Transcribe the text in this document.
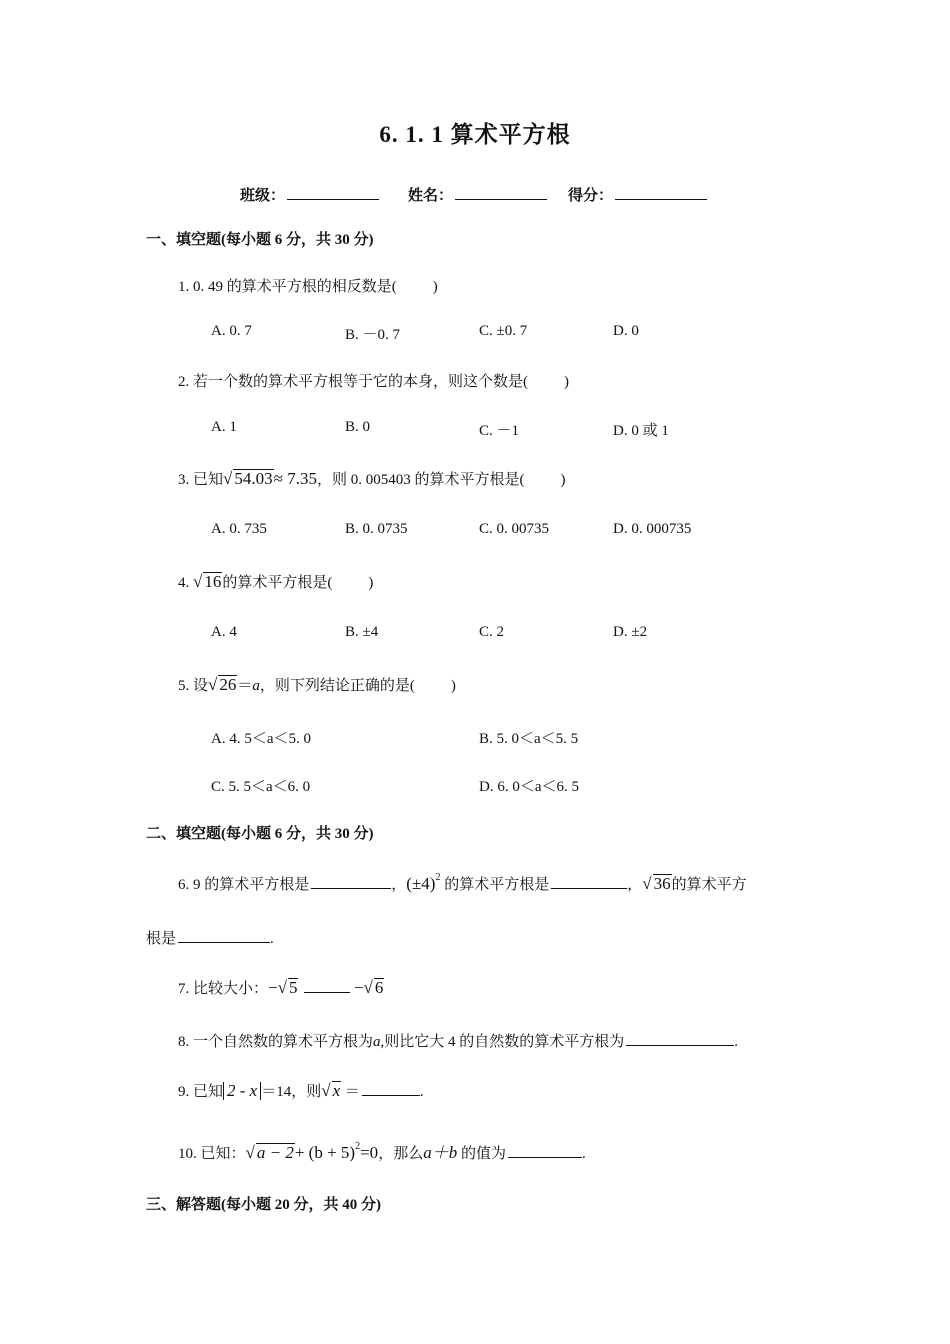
6. 1. 1 算术平方根
班级：	姓名：	得分：
一、填空题(每小题 6 分，共 30 分)
1. 0. 49 的算术平方根的相反数是( )
A. 0. 7	B. －0. 7	C. ±0. 7	D. 0
2. 若一个数的算术平方根等于它的本身，则这个数是( )
A. 1	B. 0	C. －1	D. 0 或 1
3. 已知√ 54.03≈ 7.35，则 0. 005403 的算术平方根是( )
A. 0. 735	B. 0. 0735	C. 0. 00735	D. 0. 000735
4. √ 16的算术平方根是( )
A. 4	B. ±4	C. 2	D. ±2
5. 设√ 26＝a，则下列结论正确的是( )
A. 4. 5＜a＜5. 0	B. 5. 0＜a＜5. 5
C. 5. 5＜a＜6. 0	D. 6. 0＜a＜6. 5
二、填空题(每小题 6 分，共 30 分)
6. 9 的算术平方根是	，$(\pm 4)^2$ 的算术平方根是	，√ 36的算术平方
根是	.
7. 比较大小：−√ 5	−√ 6
8. 一个自然数的算术平方根为a,则比它大 4 的自然数的算术平方根为	.
9. 已知 2 - x ＝14，则√ x ＝	.
10. 已知：√ $a - 2+ (b + 5)^2=0$，那么a＋b 的值为	.
三、解答题(每小题 20 分，共 40 分)
